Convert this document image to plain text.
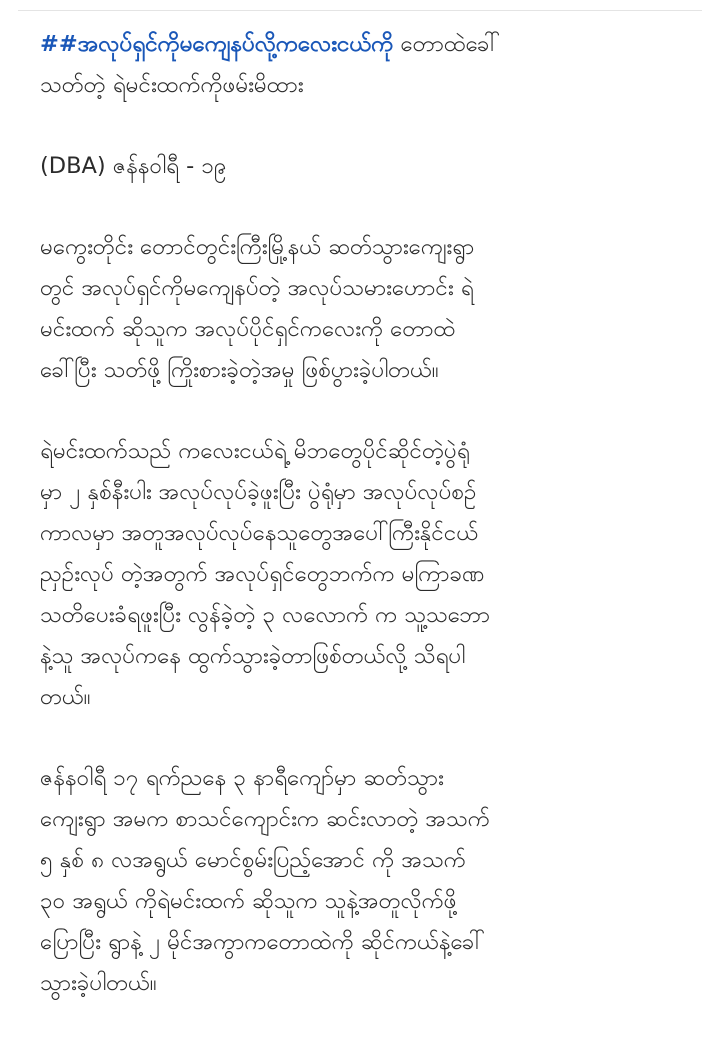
##အလုပ်ရှင်ကိုမကျေနပ်လို့ကလေးငယ်ကို တောထဲခေါ်
သတ်တဲ့ ရဲမင်းထက်ကိုဖမ်းမိထား

(DBA) ဇန်နဝါရီ - ၁၉

မကွေးတိုင်း တောင်တွင်းကြီးမြို့နယ် ဆတ်သွားကျေးရွာ
တွင် အလုပ်ရှင်ကိုမကျေနပ်တဲ့ အလုပ်သမားဟောင်း ရဲ
မင်းထက် ဆိုသူက အလုပ်ပိုင်ရှင်ကလေးကို တောထဲ
ခေါ်ပြီး သတ်ဖို့ ကြိုးစားခဲ့တဲ့အမှု ဖြစ်ပွားခဲ့ပါတယ်။

ရဲမင်းထက်သည် ကလေးငယ်ရဲ့ မိဘတွေပိုင်ဆိုင်တဲ့ပွဲရုံ
မှာ ၂ နှစ်နီးပါး အလုပ်လုပ်ခဲ့ဖူးပြီး ပွဲရုံမှာ အလုပ်လုပ်စဥ်
ကာလမှာ အတူအလုပ်လုပ်နေသူတွေအပေါ်ကြီးနိုင်ငယ်
ညှဥ်းလုပ် တဲ့အတွက် အလုပ်ရှင်တွေဘက်က မကြာခဏ
သတိပေးခံရဖူးပြီး လွန်ခဲ့တဲ့ ၃ လလောက် က သူ့သဘော
နဲ့သူ အလုပ်ကနေ ထွက်သွားခဲ့တာဖြစ်တယ်လို့ သိရပါ
တယ်။

ဇန်နဝါရီ ၁၇ ရက်ညနေ ၃ နာရီကျော်မှာ ဆတ်သွား
ကျေးရွာ အမက စာသင်ကျောင်းက ဆင်းလာတဲ့ အသက်
၅ နှစ် ၈ လအရွယ် မောင်စွမ်းပြည့်အောင် ကို အသက်
၃၀ အရွယ် ကိုရဲမင်းထက် ဆိုသူက သူနဲ့အတူလိုက်ဖို့
ပြောပြီး ရွာနဲ့ ၂ မိုင်အကွာကတောထဲကို ဆိုင်ကယ်နဲ့ခေါ်
သွားခဲ့ပါတယ်။
